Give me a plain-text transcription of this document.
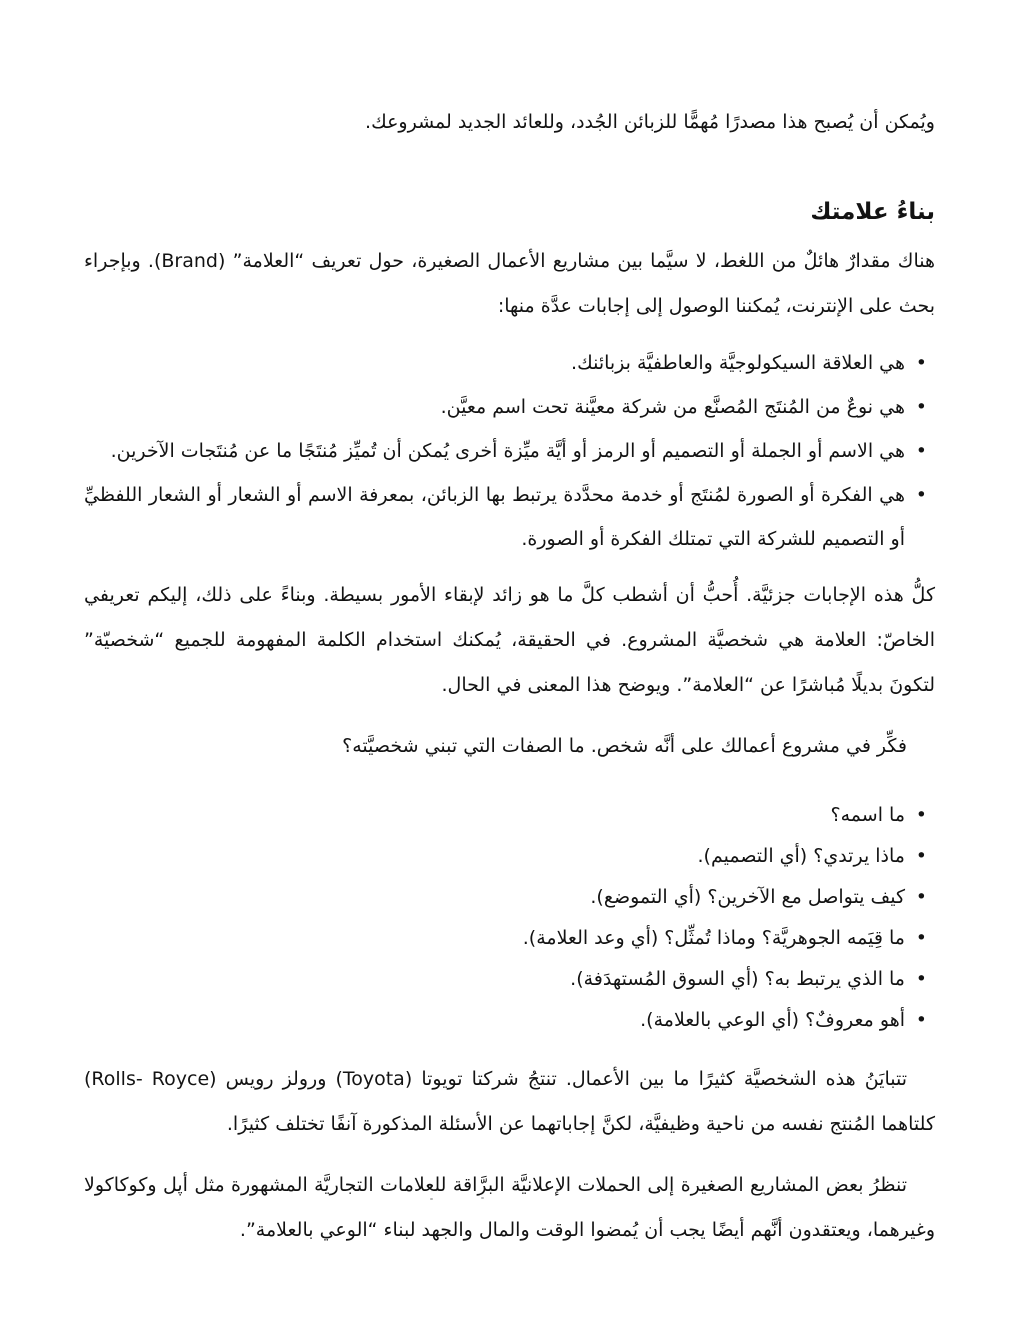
ويُمكن أن يُصبح هذا مصدرًا مُهمًّا للزبائن الجُدد، وللعائد الجديد لمشروعك.

بناءُ علامتك

هناك مقدارٌ هائلٌ من اللغط، لا سيَّما بين مشاريع الأعمال الصغيرة، حول تعريف “العلامة” (Brand). وبإجراء بحث على الإنترنت، يُمكننا الوصول إلى إجابات عدَّة منها:

• هي العلاقة السيكولوجيَّة والعاطفيَّة بزبائنك.
• هي نوعٌ من المُنتَج المُصنَّع من شركة معيَّنة تحت اسم معيَّن.
• هي الاسم أو الجملة أو التصميم أو الرمز أو أيَّة ميِّزة أخرى يُمكن أن تُميِّز مُنتَجًا ما عن مُنتَجات الآخرين.
• هي الفكرة أو الصورة لمُنتَج أو خدمة محدَّدة يرتبط بها الزبائن، بمعرفة الاسم أو الشعار أو الشعار اللفظيِّ أو التصميم للشركة التي تمتلك الفكرة أو الصورة.

كلُّ هذه الإجابات جزئيَّة. أُحبُّ أن أشطب كلَّ ما هو زائد لإبقاء الأمور بسيطة. وبناءً على ذلك، إليكم تعريفي الخاصّ: العلامة هي شخصيَّة المشروع. في الحقيقة، يُمكنك استخدام الكلمة المفهومة للجميع “شخصيّة” لتكونَ بديلًا مُباشرًا عن “العلامة”. ويوضح هذا المعنى في الحال.

فكِّر في مشروع أعمالك على أنَّه شخص. ما الصفات التي تبني شخصيَّته؟

• ما اسمه؟
• ماذا يرتدي؟ (أي التصميم).
• كيف يتواصل مع الآخرين؟ (أي التموضع).
• ما قِيَمه الجوهريَّة؟ وماذا تُمثِّل؟ (أي وعد العلامة).
• ما الذي يرتبط به؟ (أي السوق المُستهدَفة).
• أهو معروفٌ؟ (أي الوعي بالعلامة).

تتبايَنُ هذه الشخصيَّة كثيرًا ما بين الأعمال. تنتجُ شركتا تويوتا (Toyota) ورولز رويس (Rolls- Royce) كلتاهما المُنتج نفسه من ناحية وظيفيَّة، لكنَّ إجاباتهما عن الأسئلة المذكورة آنفًا تختلف كثيرًا.

تنظرُ بعض المشاريع الصغيرة إلى الحملات الإعلانيَّة البرَّاقة للعلامات التجاريَّة المشهورة مثل أپل وكوكاكولا وغيرهما، ويعتقدون أنَّهم أيضًا يجب أن يُمضوا الوقت والمال والجهد لبناء “الوعي بالعلامة”.
